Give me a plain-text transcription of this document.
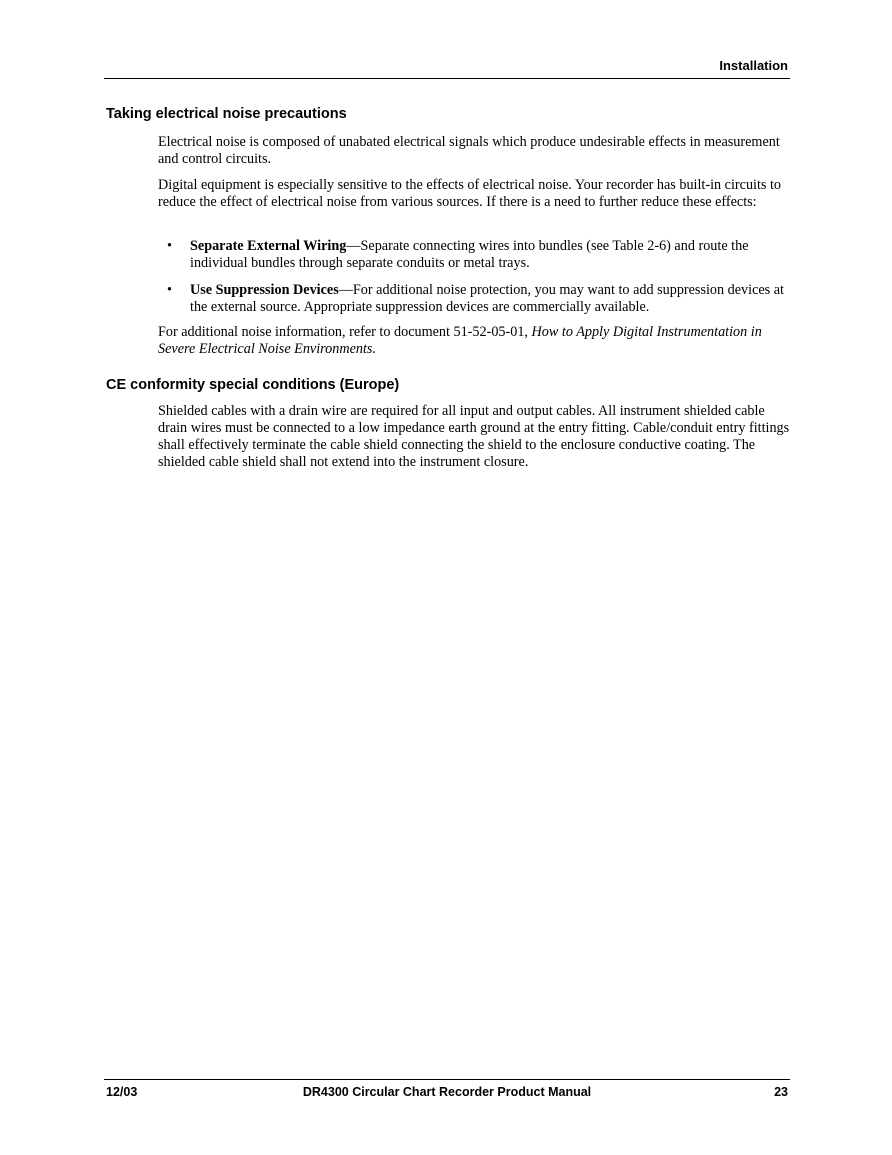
Installation
Taking electrical noise precautions

Electrical noise is composed of unabated electrical signals which produce undesirable effects in measurement and control circuits.

Digital equipment is especially sensitive to the effects of electrical noise. Your recorder has built-in circuits to reduce the effect of electrical noise from various sources. If there is a need to further reduce these effects:

• Separate External Wiring—Separate connecting wires into bundles (see Table 2-6) and route the individual bundles through separate conduits or metal trays.
• Use Suppression Devices—For additional noise protection, you may want to add suppression devices at the external source. Appropriate suppression devices are commercially available.

For additional noise information, refer to document 51-52-05-01, How to Apply Digital Instrumentation in Severe Electrical Noise Environments.

CE conformity special conditions (Europe)

Shielded cables with a drain wire are required for all input and output cables. All instrument shielded cable drain wires must be connected to a low impedance earth ground at the entry fitting. Cable/conduit entry fittings shall effectively terminate the cable shield connecting the shield to the enclosure conductive coating. The shielded cable shield shall not extend into the instrument closure.

12/03	DR4300 Circular Chart Recorder Product Manual	23
